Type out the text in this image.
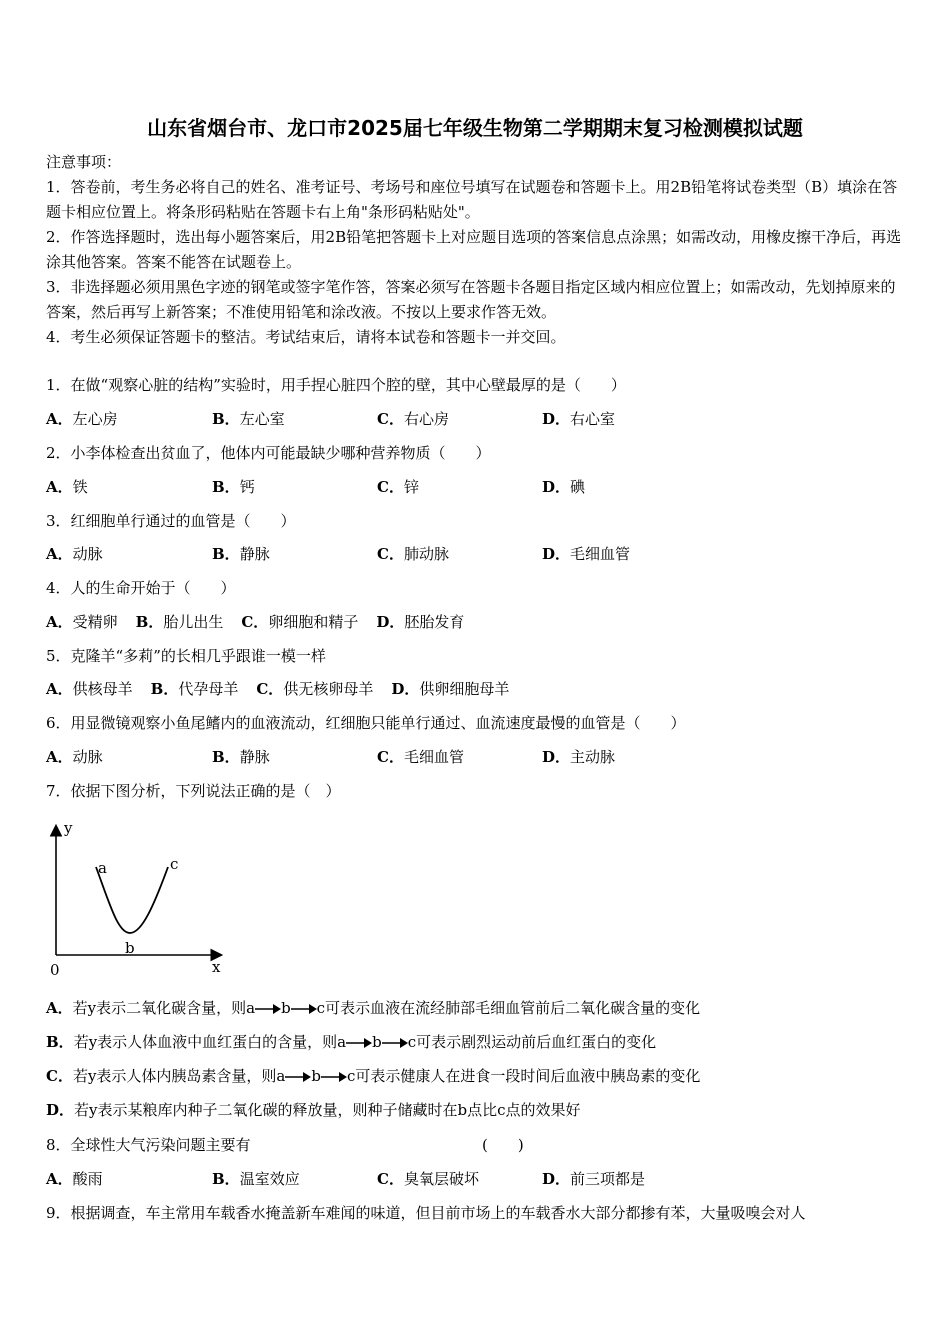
山东省烟台市、龙口市2025届七年级生物第二学期期末复习检测模拟试题
注意事项：
1．答卷前，考生务必将自己的姓名、准考证号、考场号和座位号填写在试题卷和答题卡上。用2B铅笔将试卷类型（B）填涂在答题卡相应位置上。将条形码粘贴在答题卡右上角"条形码粘贴处"。
2．作答选择题时，选出每小题答案后，用2B铅笔把答题卡上对应题目选项的答案信息点涂黑；如需改动，用橡皮擦干净后，再选涂其他答案。答案不能答在试题卷上。
3．非选择题必须用黑色字迹的钢笔或签字笔作答，答案必须写在答题卡各题目指定区域内相应位置上；如需改动，先划掉原来的答案，然后再写上新答案；不准使用铅笔和涂改液。不按以上要求作答无效。
4．考生必须保证答题卡的整洁。考试结束后，请将本试卷和答题卡一并交回。
1．在做“观察心脏的结构”实验时，用手捏心脏四个腔的壁，其中心壁最厚的是（　　）
A．左心房	B．左心室	C．右心房	D．右心室
2．小李体检查出贫血了，他体内可能最缺少哪种营养物质（　　）
A．铁	B．钙	C．锌	D．碘
3．红细胞单行通过的血管是（　　）
A．动脉	B．静脉	C．肺动脉	D．毛细血管
4．人的生命开始于（　　）
A．受精卵 B．胎儿出生 C．卵细胞和精子 D．胚胎发育
5．克隆羊“多莉”的长相几乎跟谁一模一样
A．供核母羊 B．代孕母羊 C．供无核卵母羊 D．供卵细胞母羊
6．用显微镜观察小鱼尾鳍内的血液流动，红细胞只能单行通过、血流速度最慢的血管是（　　）
A．动脉	B．静脉	C．毛细血管	D．主动脉
7．依据下图分析，下列说法正确的是（　）
y
x
0
a
b
c
A．若y表示二氧化碳含量，则a b c可表示血液在流经肺部毛细血管前后二氧化碳含量的变化
B．若y表示人体血液中血红蛋白的含量，则a b c可表示剧烈运动前后血红蛋白的变化
C．若y表示人体内胰岛素含量，则a b c可表示健康人在进食一段时间后血液中胰岛素的变化
D．若y表示某粮库内种子二氧化碳的释放量，则种子储藏时在b点比c点的效果好
8．全球性大气污染问题主要有	(　　)
A．酸雨	B．温室效应	C．臭氧层破坏	D．前三项都是
9．根据调查，车主常用车载香水掩盖新车难闻的味道，但目前市场上的车载香水大部分都掺有苯，大量吸嗅会对人
